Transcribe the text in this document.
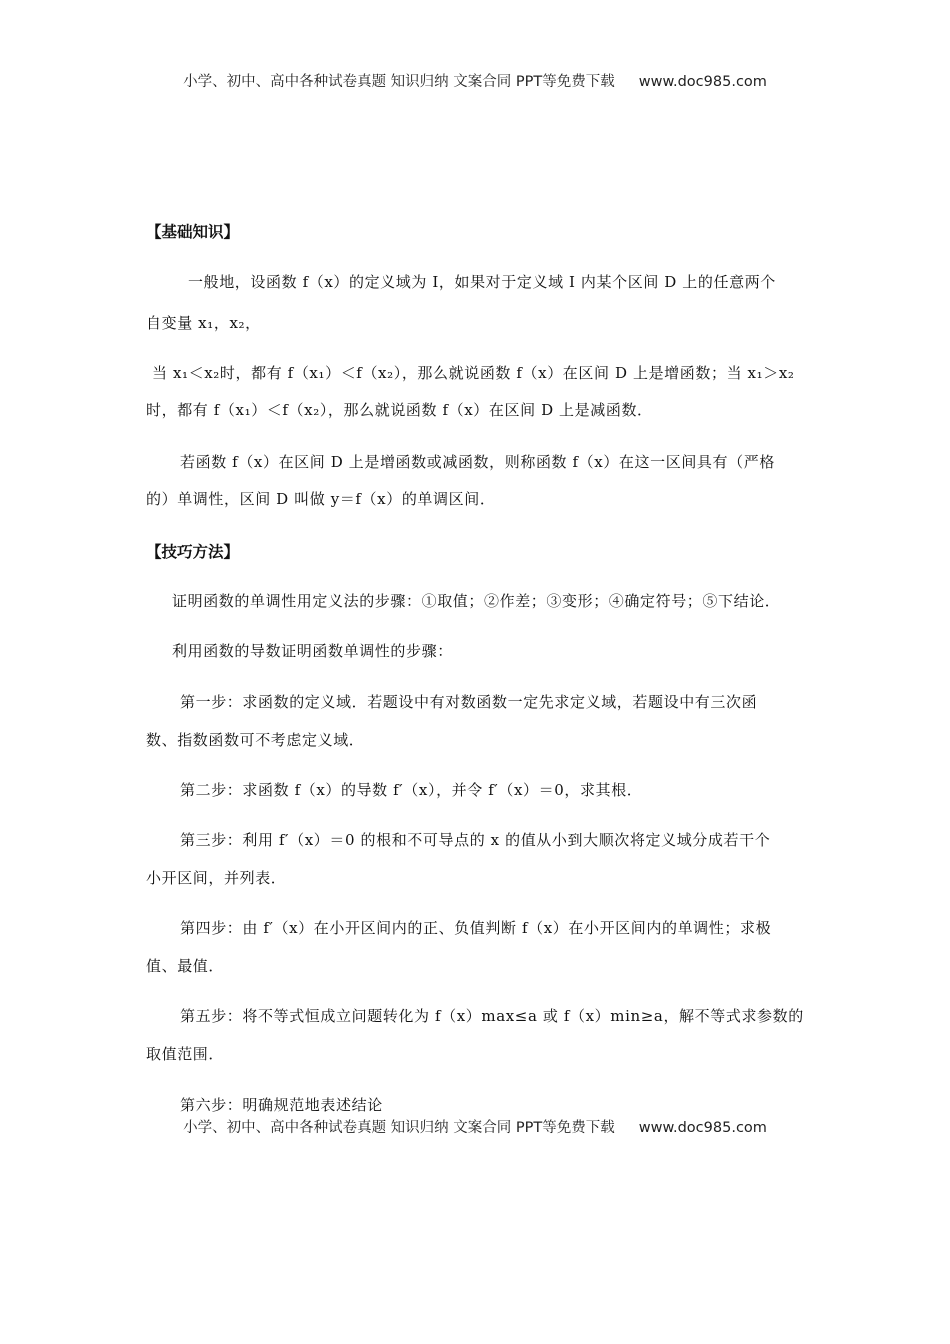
小学、初中、高中各种试卷真题 知识归纳 文案合同 PPT等免费下载 www.doc985.com
【基础知识】
一般地，设函数 f（x）的定义域为 I，如果对于定义域 I 内某个区间 D 上的任意两个
自变量 x₁，x₂，
当 x₁＜x₂时，都有 f（x₁）＜f（x₂），那么就说函数 f（x）在区间 D 上是增函数；当 x₁＞x₂
时，都有 f（x₁）＜f（x₂），那么就说函数 f（x）在区间 D 上是减函数．
若函数 f（x）在区间 D 上是增函数或减函数，则称函数 f（x）在这一区间具有（严格
的）单调性，区间 D 叫做 y＝f（x）的单调区间．
【技巧方法】
证明函数的单调性用定义法的步骤：①取值；②作差；③变形；④确定符号；⑤下结论．
利用函数的导数证明函数单调性的步骤：
第一步：求函数的定义域．若题设中有对数函数一定先求定义域，若题设中有三次函
数、指数函数可不考虑定义域．
第二步：求函数 f（x）的导数 f′（x），并令 f′（x）＝0，求其根．
第三步：利用 f′（x）＝0 的根和不可导点的 x 的值从小到大顺次将定义域分成若干个
小开区间，并列表．
第四步：由 f′（x）在小开区间内的正、负值判断 f（x）在小开区间内的单调性；求极
值、最值．
第五步：将不等式恒成立问题转化为 f（x）max≤a 或 f（x）min≥a，解不等式求参数的
取值范围．
第六步：明确规范地表述结论
小学、初中、高中各种试卷真题 知识归纳 文案合同 PPT等免费下载 www.doc985.com
